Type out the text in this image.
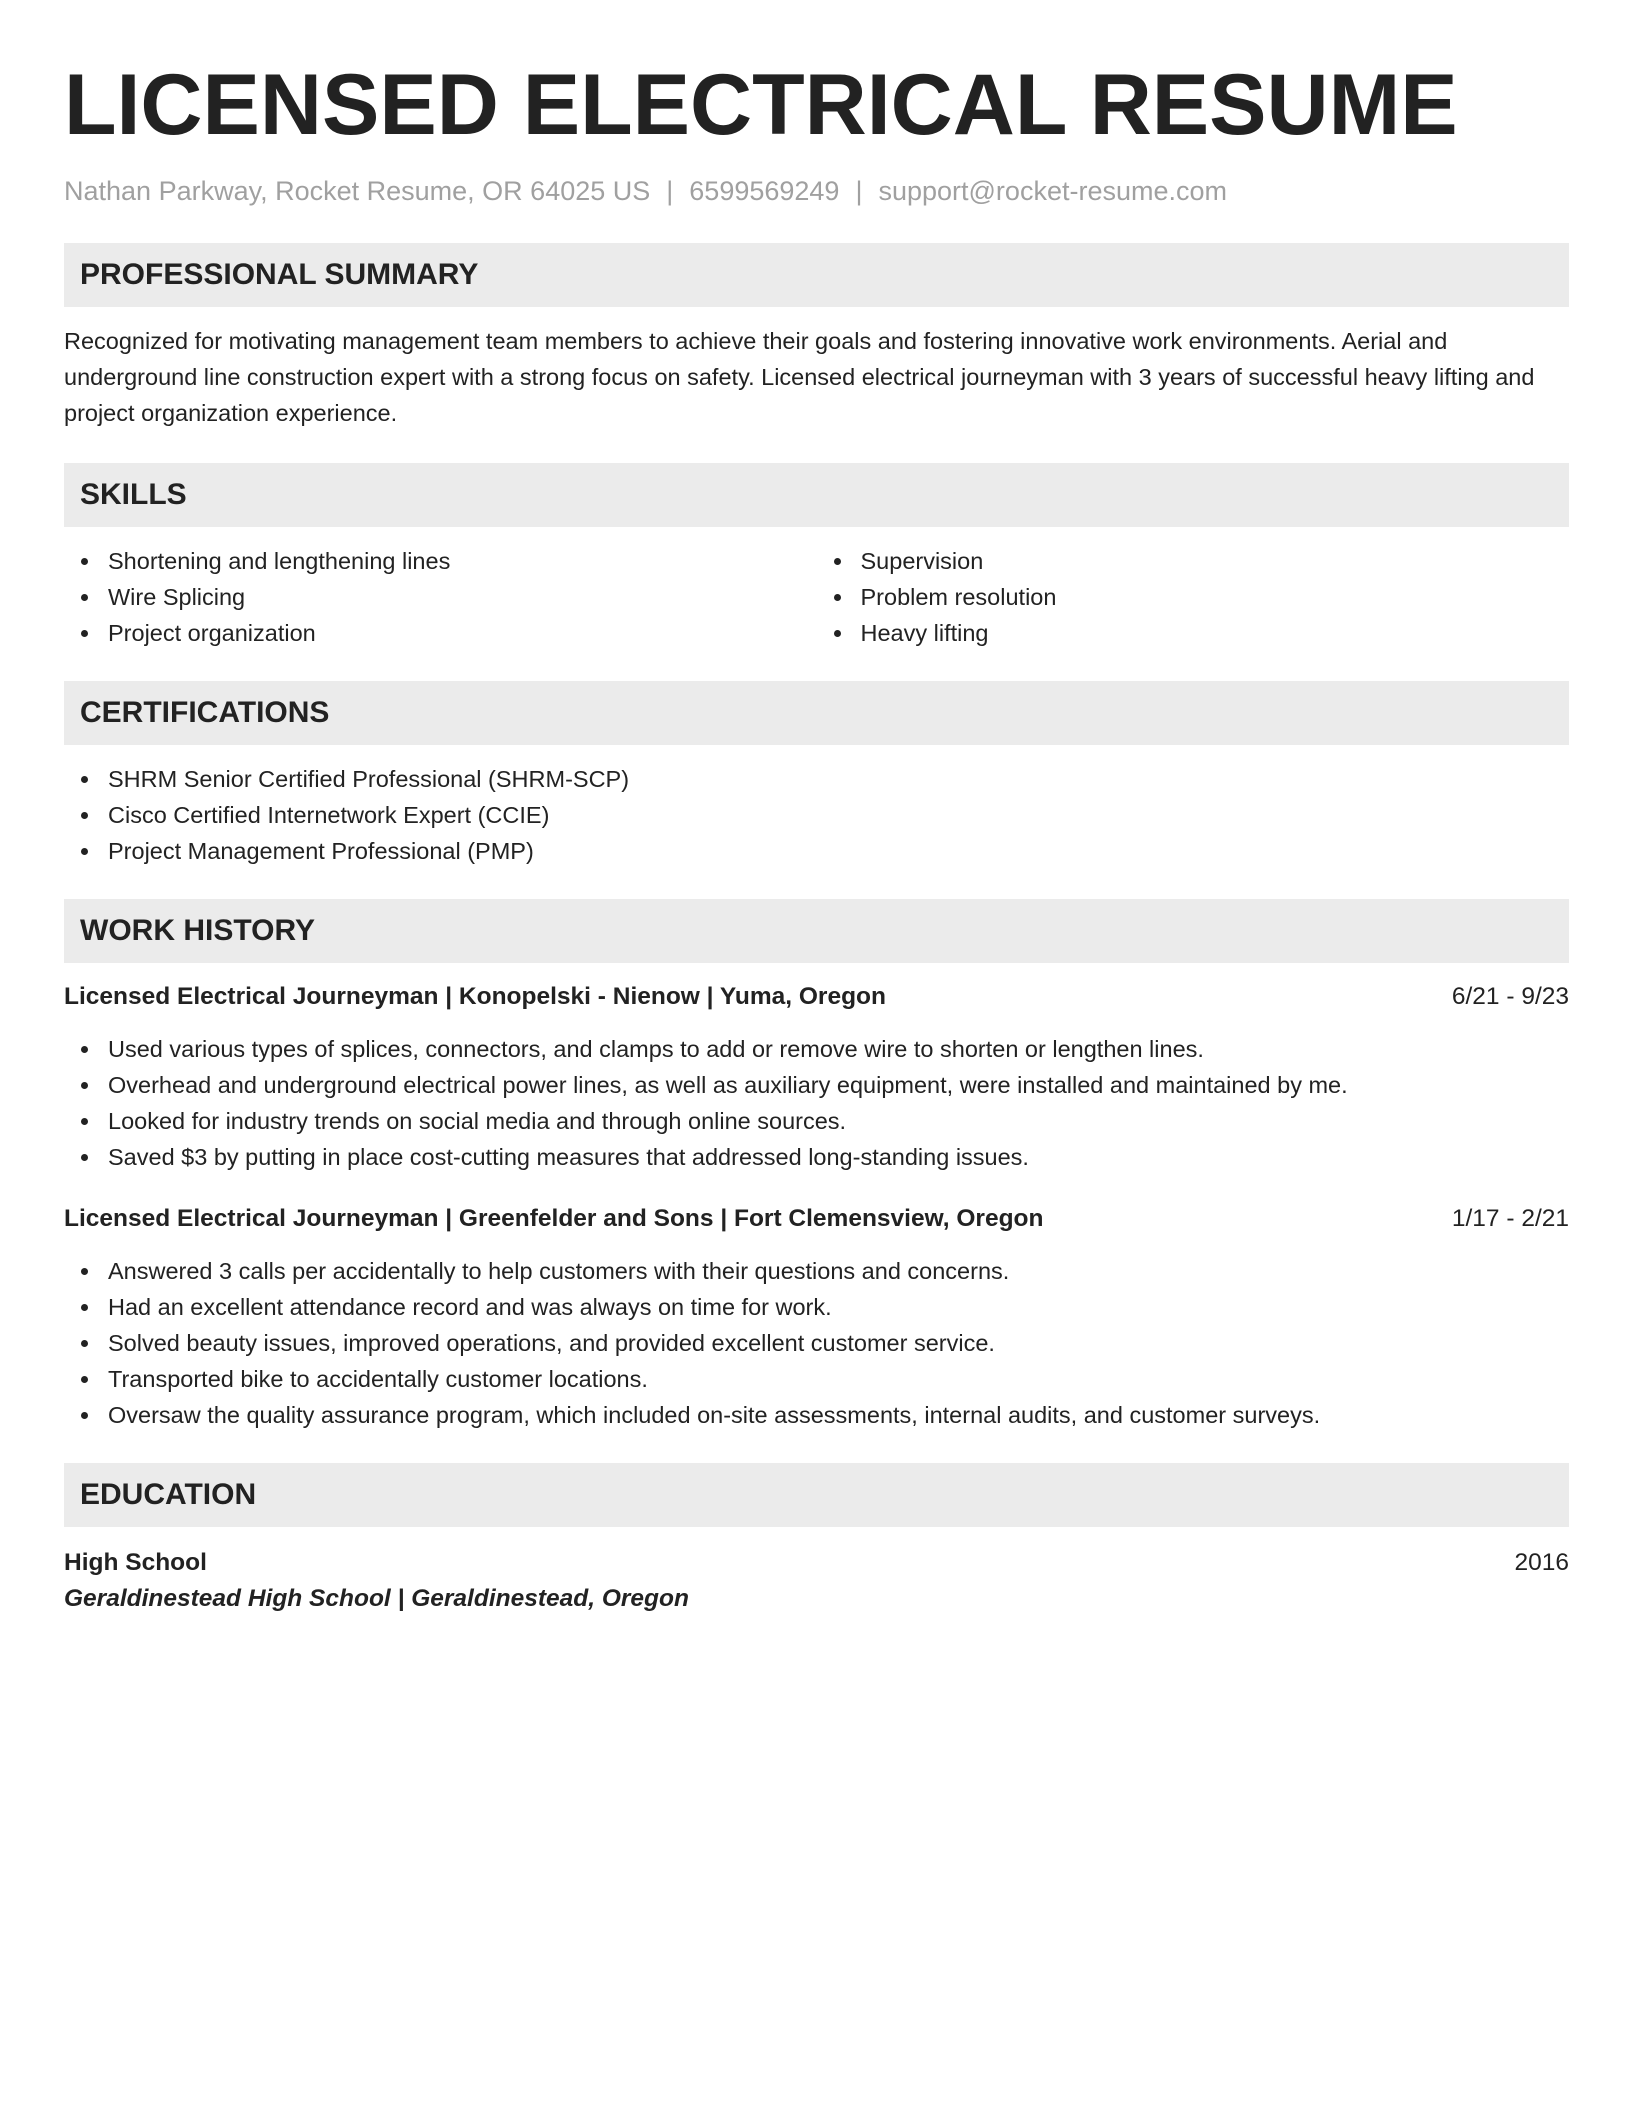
LICENSED ELECTRICAL RESUME
Nathan Parkway, Rocket Resume, OR 64025 US | 6599569249 | support@rocket-resume.com
PROFESSIONAL SUMMARY

Recognized for motivating management team members to achieve their goals and fostering innovative work environments. Aerial and underground line construction expert with a strong focus on safety. Licensed electrical journeyman with 3 years of successful heavy lifting and project organization experience.

SKILLS
Shortening and lengthening lines
Wire Splicing
Project organization
Supervision
Problem resolution
Heavy lifting
CERTIFICATIONS
SHRM Senior Certified Professional (SHRM-SCP)
Cisco Certified Internetwork Expert (CCIE)
Project Management Professional (PMP)
WORK HISTORY
Licensed Electrical Journeyman | Konopelski - Nienow | Yuma, Oregon	6/21 - 9/23
Used various types of splices, connectors, and clamps to add or remove wire to shorten or lengthen lines.
Overhead and underground electrical power lines, as well as auxiliary equipment, were installed and maintained by me.
Looked for industry trends on social media and through online sources.
Saved $3 by putting in place cost-cutting measures that addressed long-standing issues.
Licensed Electrical Journeyman | Greenfelder and Sons | Fort Clemensview, Oregon	1/17 - 2/21
Answered 3 calls per accidentally to help customers with their questions and concerns.
Had an excellent attendance record and was always on time for work.
Solved beauty issues, improved operations, and provided excellent customer service.
Transported bike to accidentally customer locations.
Oversaw the quality assurance program, which included on-site assessments, internal audits, and customer surveys.
EDUCATION
High School	2016
Geraldinestead High School | Geraldinestead, Oregon
